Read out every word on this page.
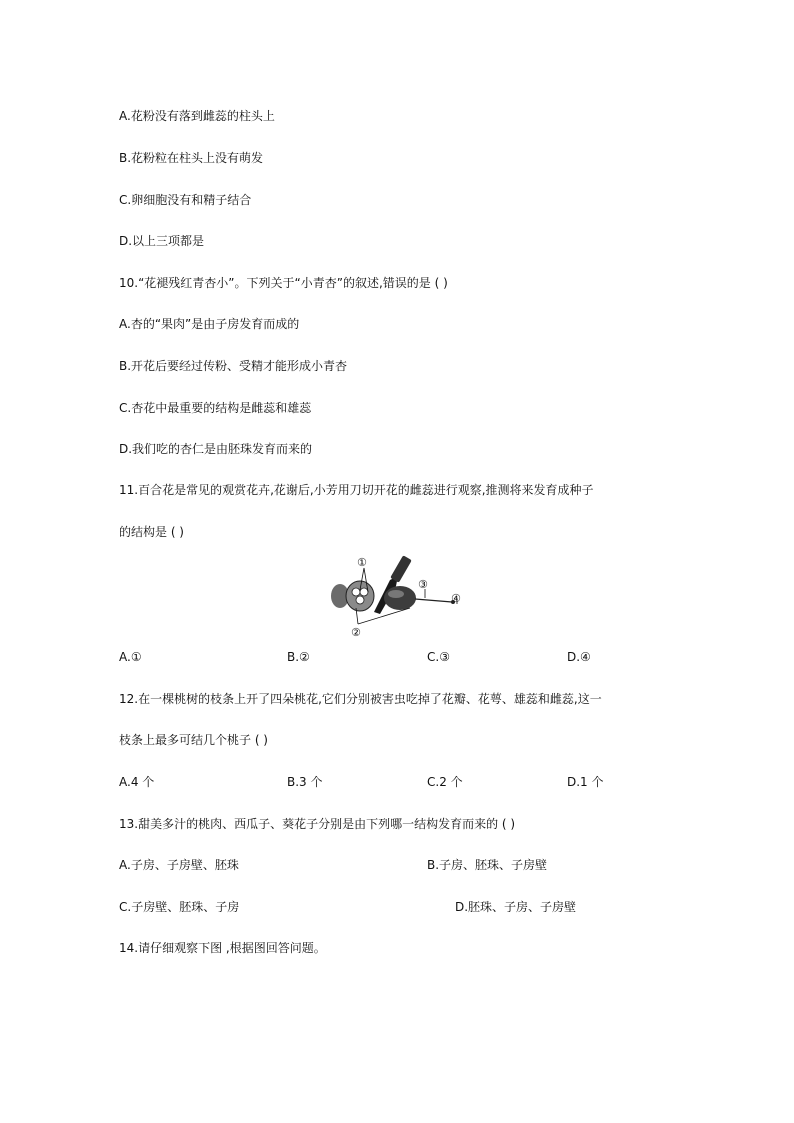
A.花粉没有落到雌蕊的柱头上
B.花粉粒在柱头上没有萌发
C.卵细胞没有和精子结合
D.以上三项都是
10.“花褪残红青杏小”。下列关于“小青杏”的叙述,错误的是 ( )
A.杏的“果肉”是由子房发育而成的
B.开花后要经过传粉、受精才能形成小青杏
C.杏花中最重要的结构是雌蕊和雄蕊
D.我们吃的杏仁是由胚珠发育而来的
11.百合花是常见的观赏花卉,花谢后,小芳用刀切开花的雌蕊进行观察,推测将来发育成种子
的结构是 ( )
①
②
③
④
A.①	B.②	C.③	D.④
12.在一棵桃树的枝条上开了四朵桃花,它们分别被害虫吃掉了花瓣、花萼、雄蕊和雌蕊,这一
枝条上最多可结几个桃子 ( )
A.4 个	B.3 个	C.2 个	D.1 个
13.甜美多汁的桃肉、西瓜子、葵花子分别是由下列哪一结构发育而来的 ( )
A.子房、子房壁、胚珠	B.子房、胚珠、子房壁
C.子房壁、胚珠、子房	D.胚珠、子房、子房壁
14.请仔细观察下图 ,根据图回答问题。
